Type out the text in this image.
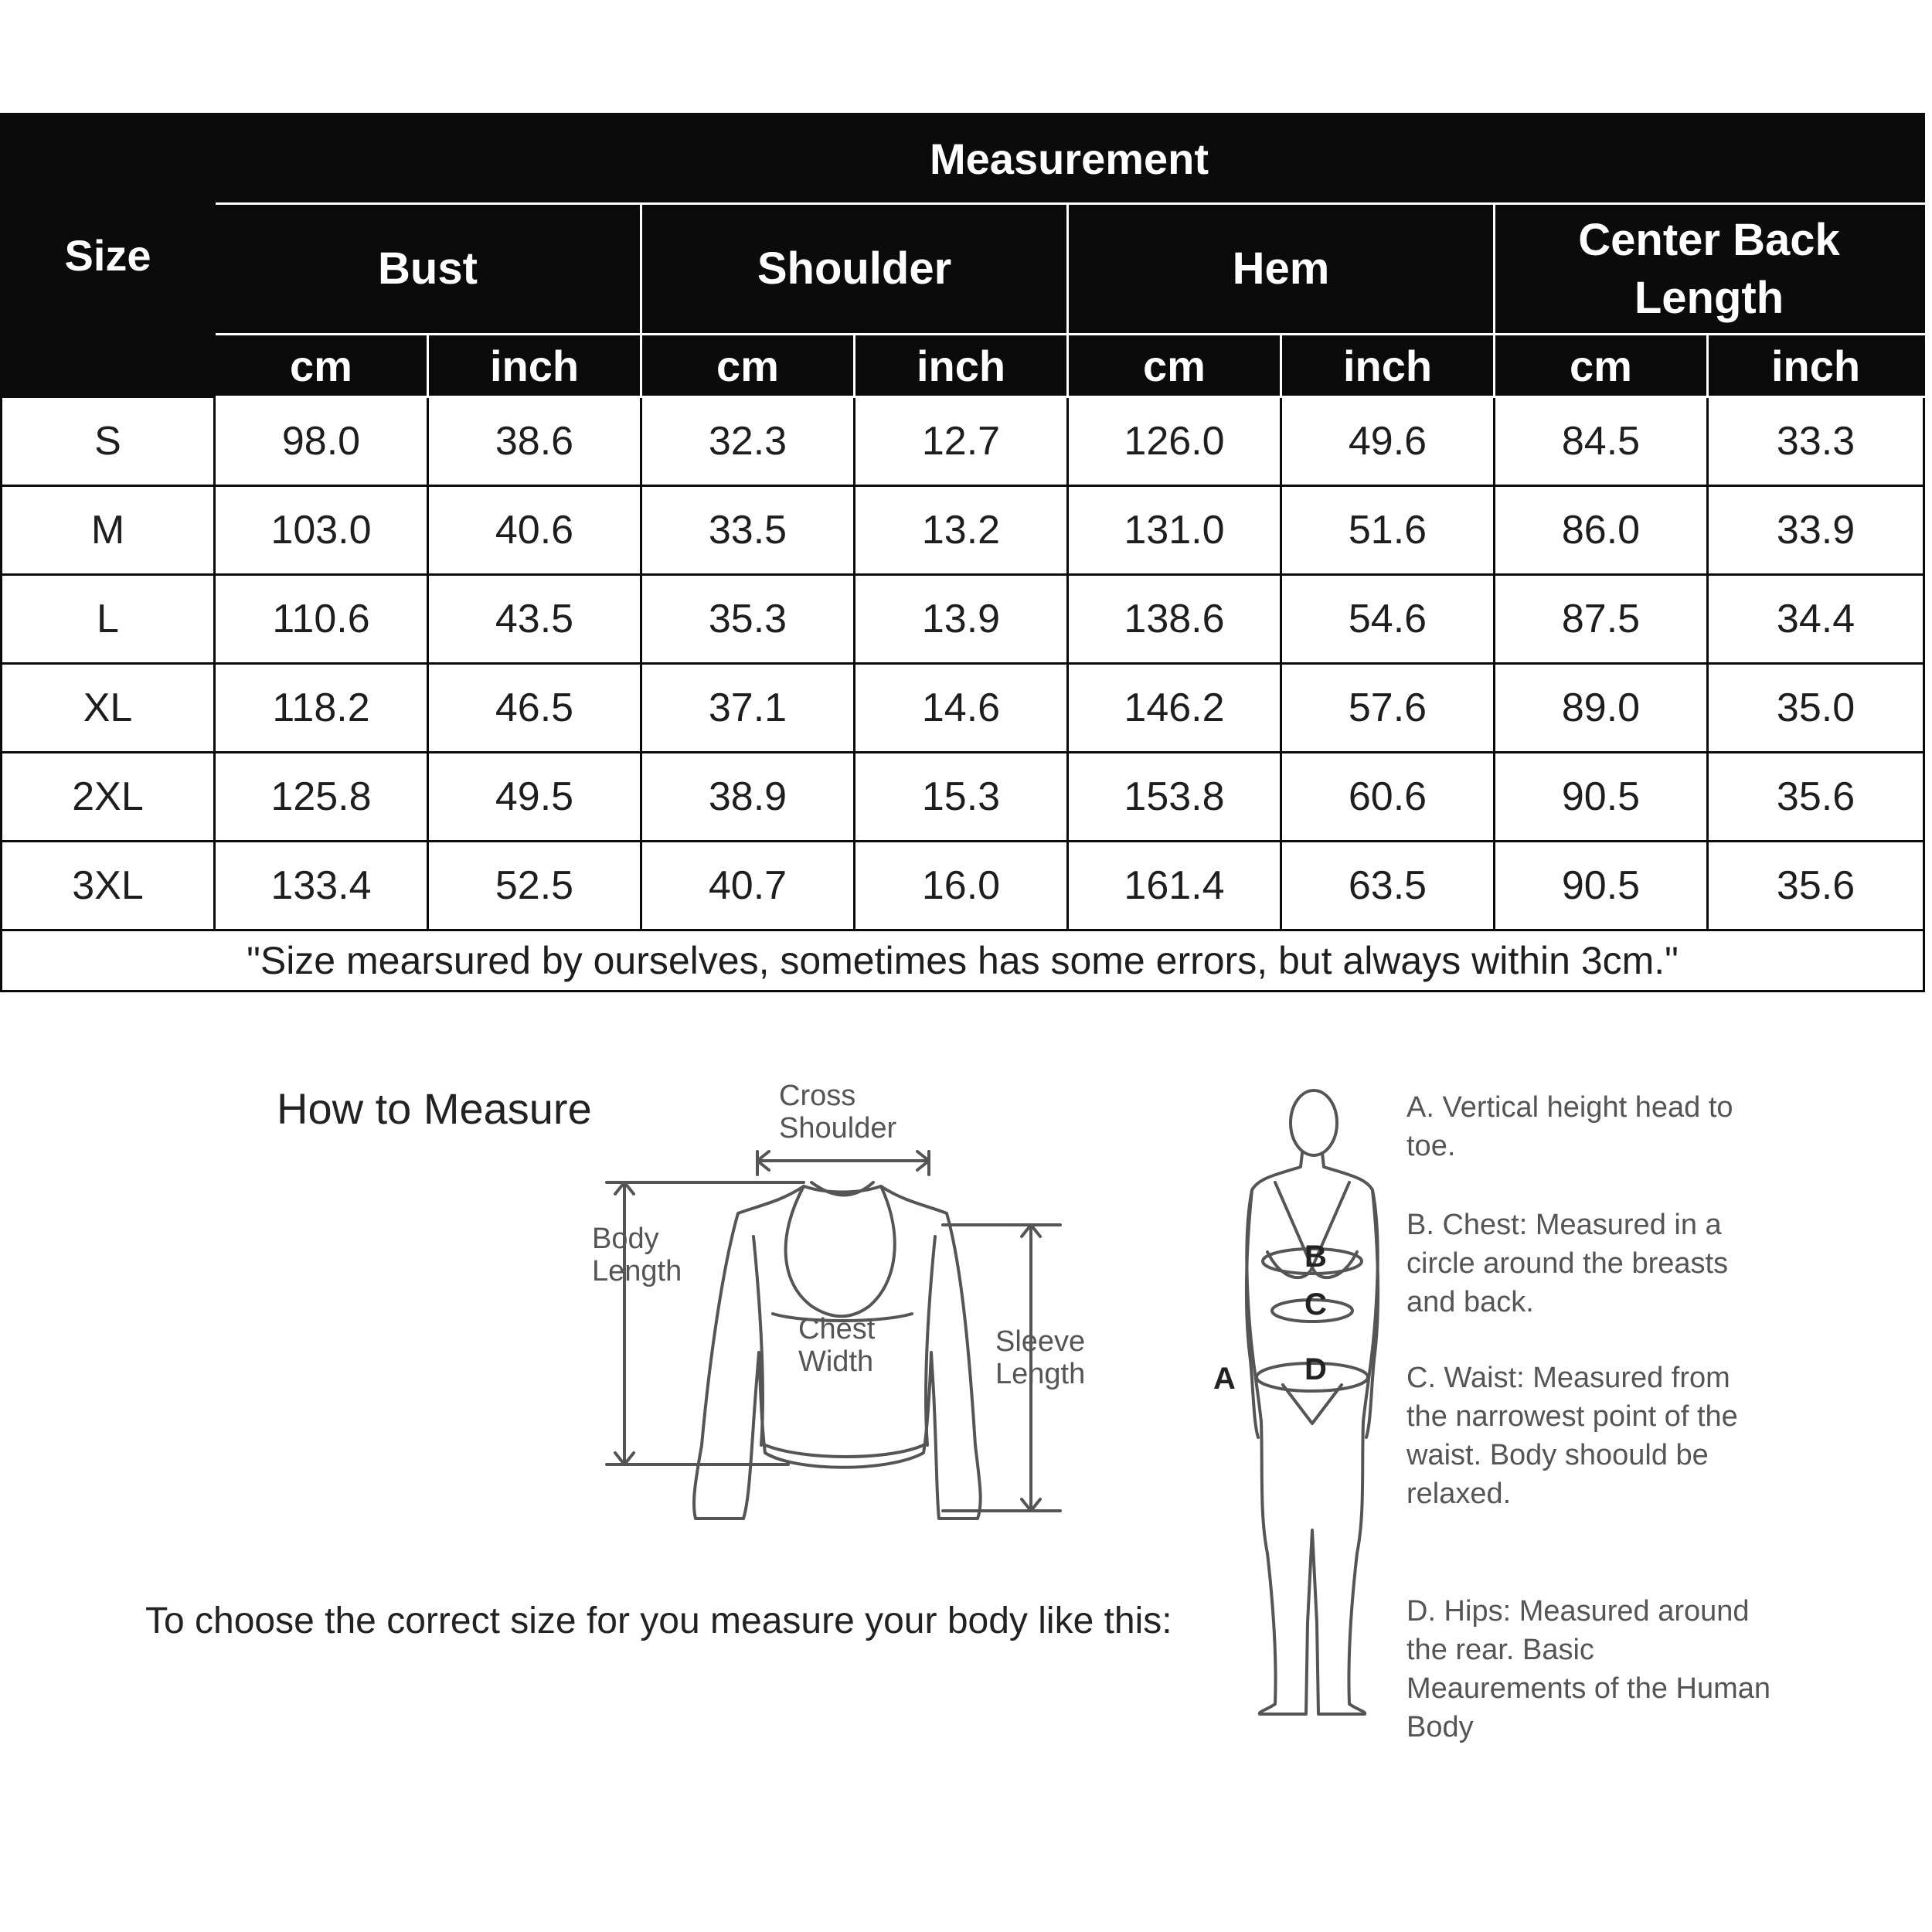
Size	Measurement							
	Bust		Shoulder		Hem		Center Back Length	
	cm	inch	cm	inch	cm	inch	cm	inch
S	98.0	38.6	32.3	12.7	126.0	49.6	84.5	33.3
M	103.0	40.6	33.5	13.2	131.0	51.6	86.0	33.9
L	110.6	43.5	35.3	13.9	138.6	54.6	87.5	34.4
XL	118.2	46.5	37.1	14.6	146.2	57.6	89.0	35.0
2XL	125.8	49.5	38.9	15.3	153.8	60.6	90.5	35.6
3XL	133.4	52.5	40.7	16.0	161.4	63.5	90.5	35.6
"Size mearsured by ourselves, sometimes has some errors, but always within 3cm."								
How to Measure
To choose the correct size for you measure your body like this:
Cross
Shoulder
Body
Length
Chest
Width
Sleeve
Length	A
B
C
D
A. Vertical height head to toe.
B. Chest: Measured in a circle around the breasts and back.
C. Waist: Measured from the narrowest point of the waist. Body shoould be relaxed.
D. Hips: Measured around the rear. Basic Meaurements of the Human Body
